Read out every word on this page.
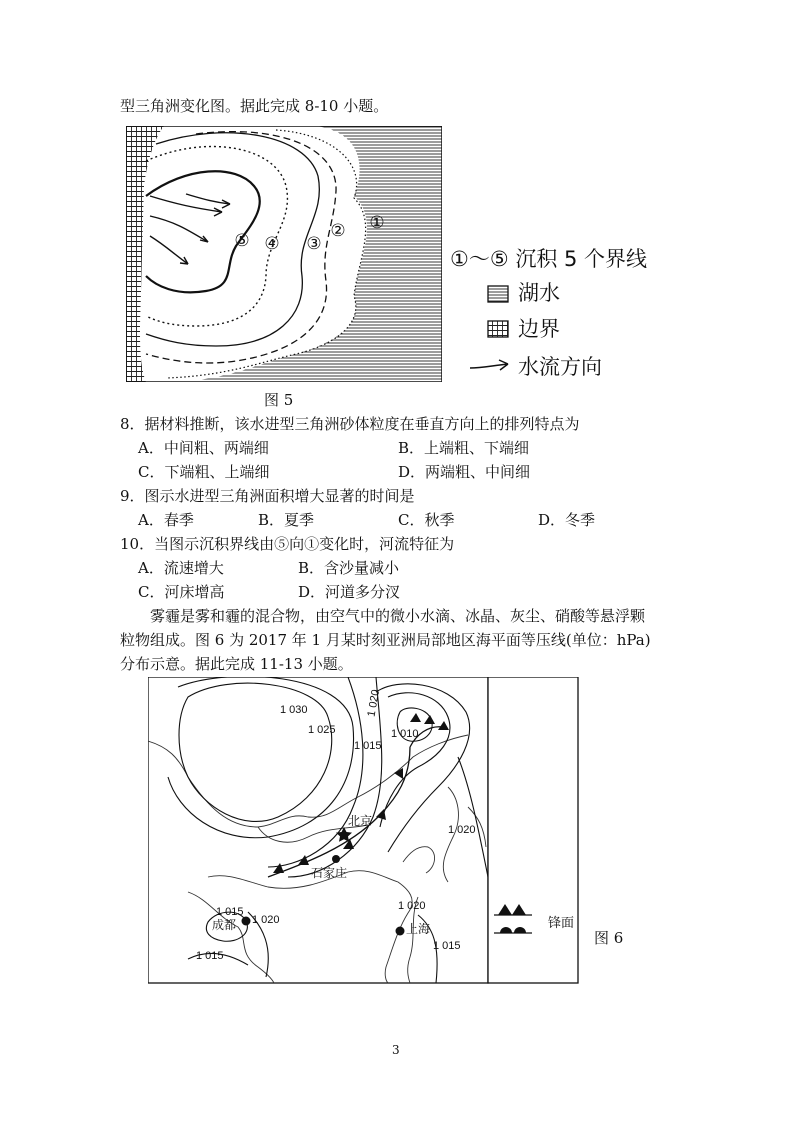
型三角洲变化图。据此完成 8-10 小题。
⑤ ④ ③
② ①
①～⑤ 沉积 5 个界线
湖水
边界
水流方向
图 5
8．据材料推断，该水进型三角洲砂体粒度在垂直方向上的排列特点为
A．中间粗、两端细	B．上端粗、下端细
C．下端粗、上端细	D．两端粗、中间细
9．图示水进型三角洲面积增大显著的时间是
A．春季	B．夏季	C．秋季	D．冬季
10．当图示沉积界线由⑤向①变化时，河流特征为
A．流速增大	B．含沙量减小
C．河床增高	D．河道多分汊
雾霾是雾和霾的混合物，由空气中的微小水滴、冰晶、灰尘、硝酸等悬浮颗
粒物组成。图 6 为 2017 年 1 月某时刻亚洲局部地区海平面等压线(单位：hPa)
分布示意。据此完成 11-13 小题。
1 030
1 025
1 020
1 015
1 010
1 020
1 020
1 015
1 020
1 015
1 015
北京
石家庄
成都	上海	锋面
图 6
3
